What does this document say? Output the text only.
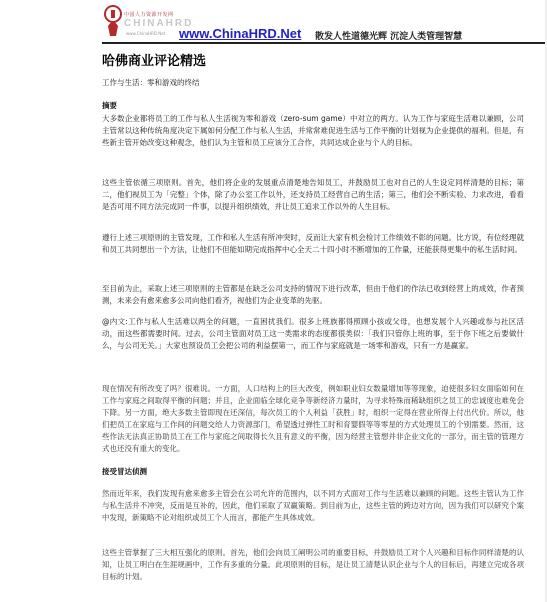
中国人力资源开发网
CHINAHRD
www.ChinaHRD.Net www.ChinaHRD.Net 散发人性道德光辉 沉淀人类管理智慧
哈佛商业评论精选
工作与生活：零和游戏的终结
摘要

大多数企业都将员工的工作与私人生活视为零和游戏（zero-sum game）中对立的两方。认为工作与家庭生活难以兼顾，公司主管常以这种传统角度决定下属如何分配工作与私人生活，并常常难促进生活与工作平衡的计划视为企业提供的福利。但是，有些新主管开始改变这种观念，他们认为主管和员工应该分工合作，共同达成企业与个人的目标。

这些主管依循三项原则。首先，他们将企业的发展重点清楚地告知员工，并鼓励员工也对自己的人生设定同样清楚的目标；第二，他们视员工为「完整」个体，除了办公室工作以外，还支持员工经营自己的生活；第三，他们会不断实验、力求改进，看看是否可用不同方法完成同一件事，以提升组织绩效，并让员工追求工作以外的人生目标。

遵行上述三项原则的主管发现，工作和私人生活有所冲突时，反而让大家有机会检讨工作绩效不彰的问题。比方说，有位经理就和员工共同想出一个方法，让他们不但能如期完成指挥中心全天二十四小时不断增加的工作量，还能获得更集中的私生活时间。

至目前为止，采取上述三项原则的主管都是在缺乏公司支持的情况下进行改革，但由于他们的作法已收到经营上的成效，作者预测，未来会有愈来愈多公司向他们看齐，视他们为企业变革的先驱。

@内文:工作与私人生活难以两全的问题，一直困扰我们。很多上班族都得照顾小孩或父母，也想发展个人兴趣或参与社区活动，而这些都需要时间。过去，公司主管面对员工这一类需求的态度都很类似：「我们只管你上班的事，至于你下班之后要做什么，与公司无关。」大家也预设员工会把公司的利益摆第一，而工作与家庭就是一场零和游戏，只有一方是赢家。

现在情况有所改变了吗？很难说。一方面，人口结构上的巨大改变，例如职业妇女数量增加等等现象，迫使很多妇女面临如何在工作与家庭之间取得平衡的问题；并且，企业面临全球化竞争等新经济力量时，为寻求特殊而稀缺组织之员工的忠诚度也难免会下降。另一方面，绝大多数主管即现在还深信，每次员工的个人利益「获胜」时，组织一定得在营业所得上付出代价。所以，他们把员工在家庭与工作间的问题交给人力资源部门，希望透过弹性工时和育婴假等等零星的方式处理员工的个别需要。然而，这些作法无法真正协助员工在工作与家庭之间取得长久且有意义的平衡，因为经营主管想并非企业文化的一部分，而主管的管理方式也还没有重大的变化。

接受冒达侦测

然而近年来，我们发现有愈来愈多主管会在公司允许的范围内，以不同方式面对工作与生活难以兼顾的问题。这些主管认为工作与私生活并不冲突，反而是互补的，因此，他们采取了双赢策略。到目前为止，这些主管的跨边对方向，因为我们可以研究个案中发现，新策略不论对组织或员工个人而言，都能产生具体成效。

这些主管掌握了三大相互强化的原则。首先，他们会向员工阐明公司的重要目标，并鼓励员工对个人兴趣和目标作同样清楚的认知，让员工明白在生涯规画中，工作有多重的分量。此项原则的目标，是让员工清楚认识企业与个人的目标后，再建立完成各项目标的计划。
